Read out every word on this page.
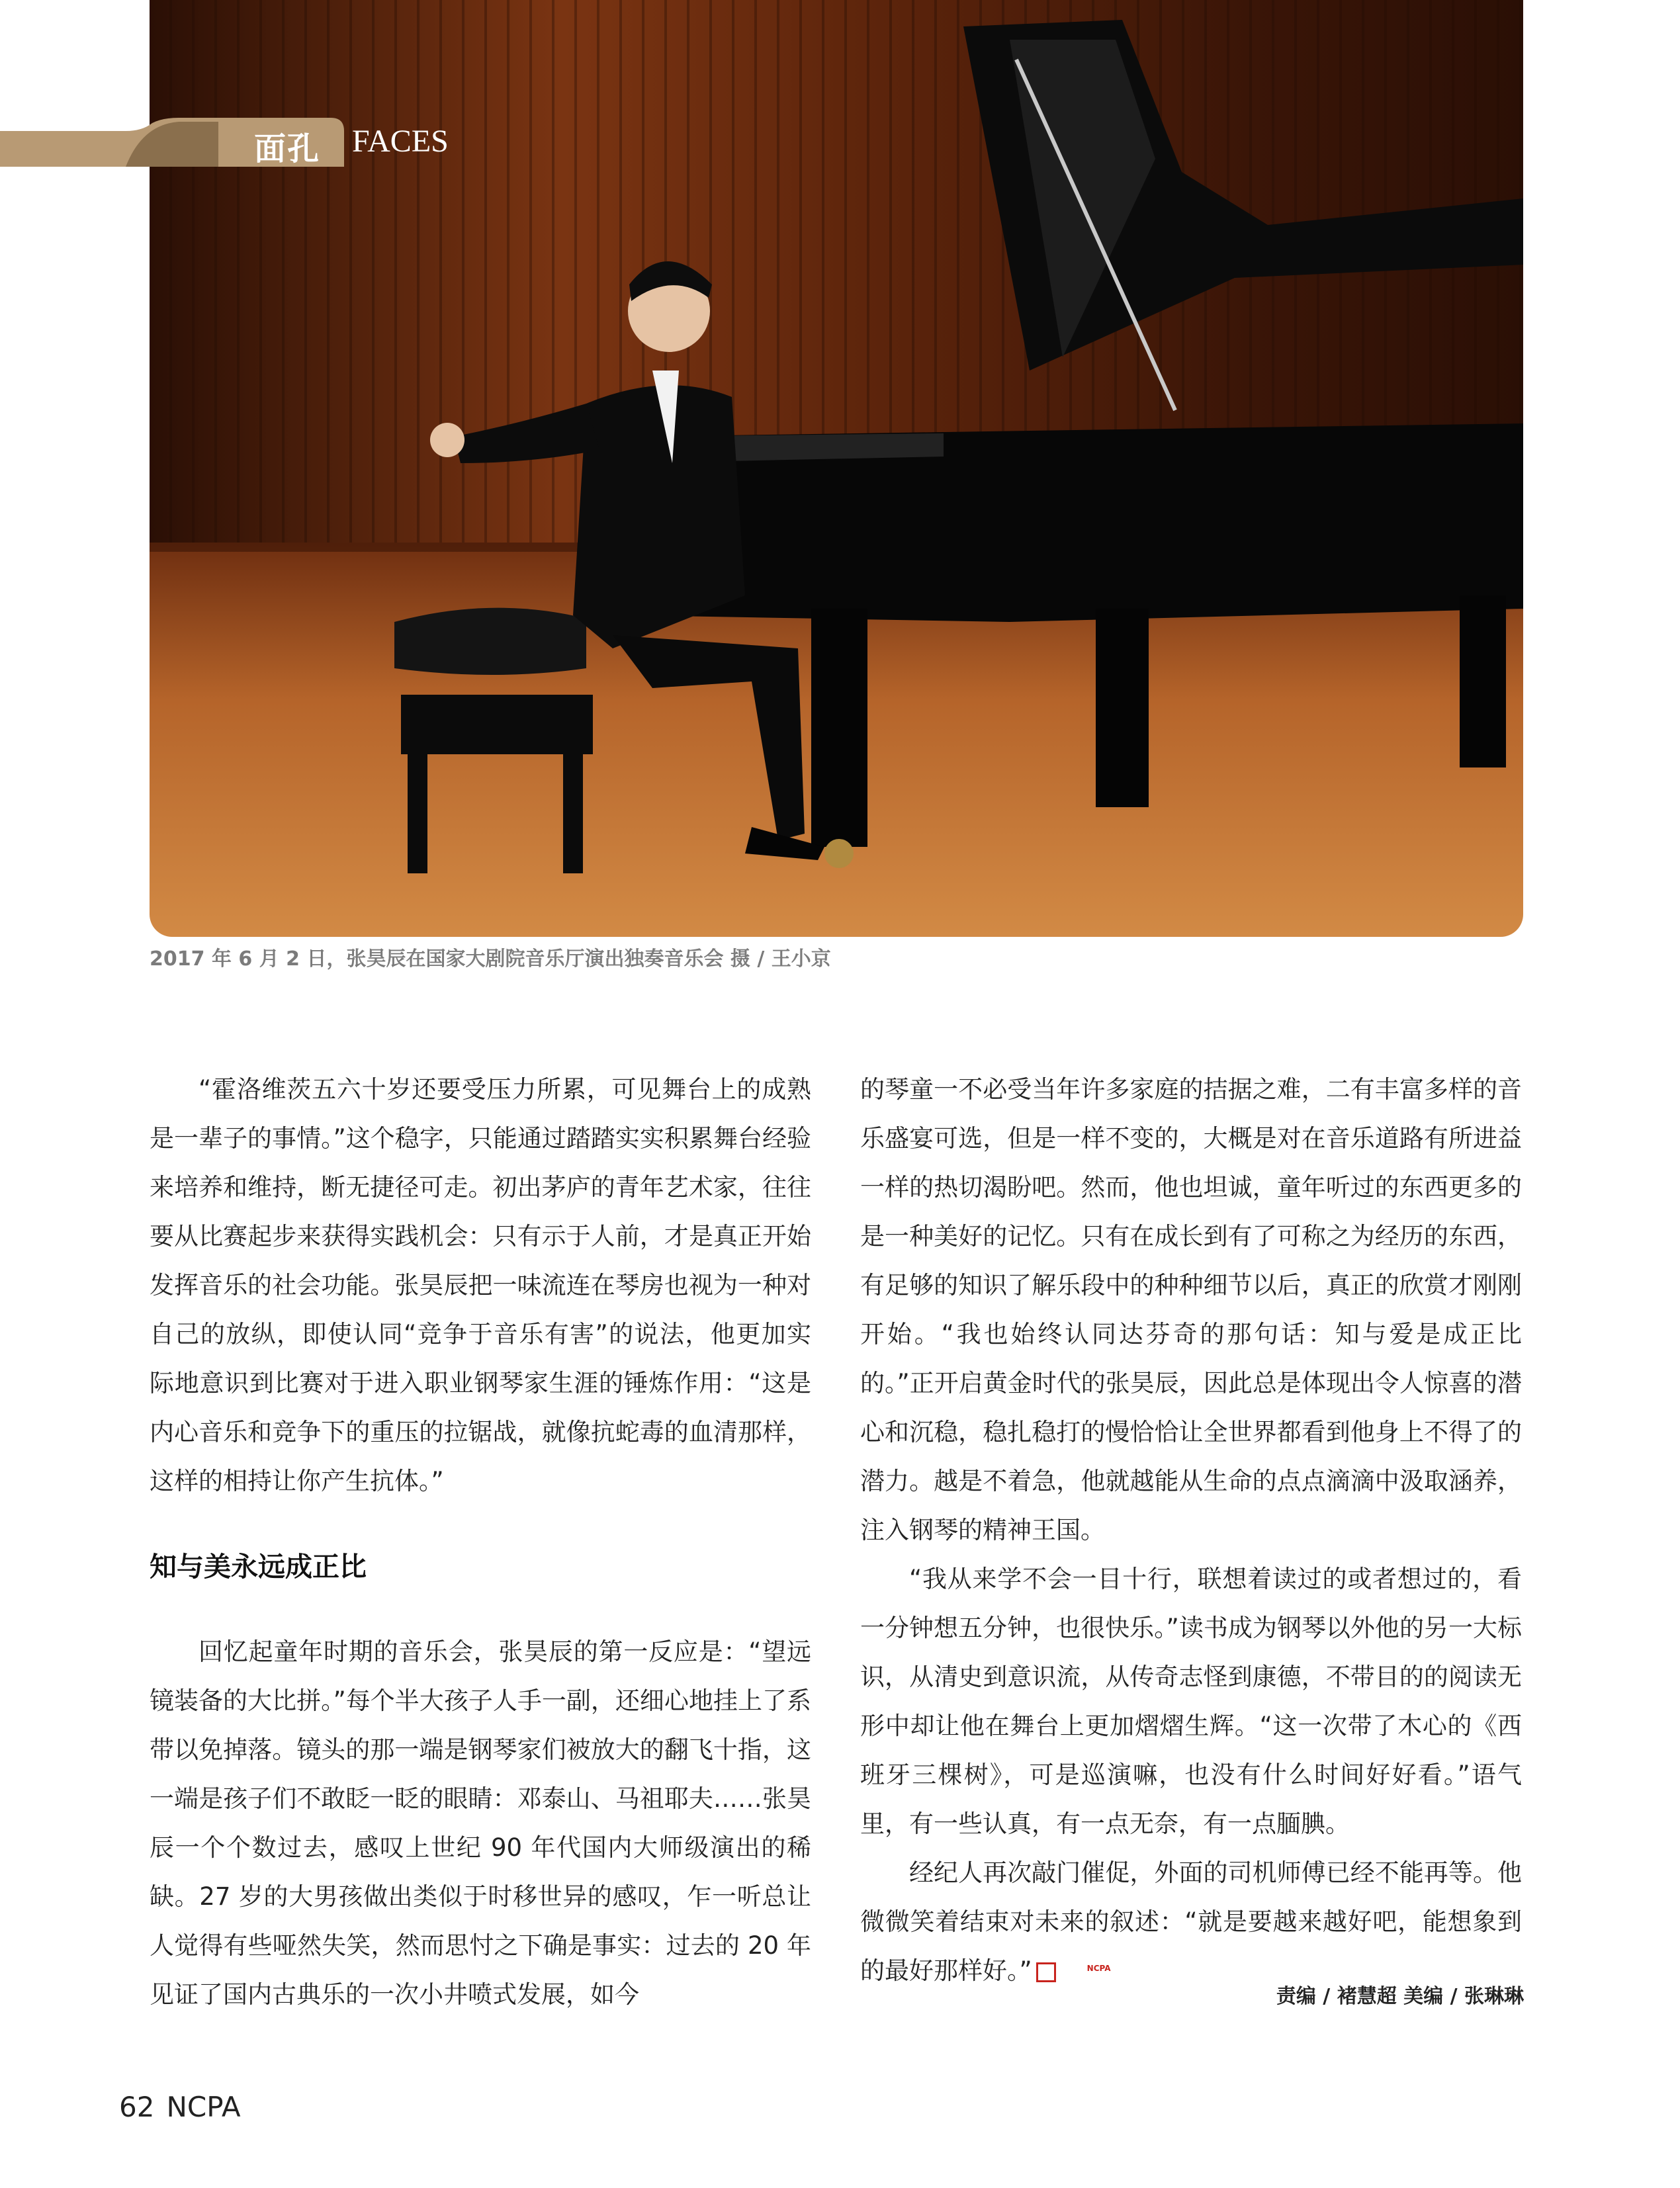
面孔 FACES
2017 年 6 月 2 日，张昊辰在国家大剧院音乐厅演出独奏音乐会 摄 / 王小京

“霍洛维茨五六十岁还要受压力所累，可见舞台上的成熟是一辈子的事情。”这个稳字，只能通过踏踏实实积累舞台经验来培养和维持，断无捷径可走。初出茅庐的青年艺术家，往往要从比赛起步来获得实践机会：只有示于人前，才是真正开始发挥音乐的社会功能。张昊辰把一味流连在琴房也视为一种对自己的放纵，即使认同“竞争于音乐有害”的说法，他更加实际地意识到比赛对于进入职业钢琴家生涯的锤炼作用：“这是内心音乐和竞争下的重压的拉锯战，就像抗蛇毒的血清那样，这样的相持让你产生抗体。”

知与美永远成正比

回忆起童年时期的音乐会，张昊辰的第一反应是：“望远镜装备的大比拼。”每个半大孩子人手一副，还细心地挂上了系带以免掉落。镜头的那一端是钢琴家们被放大的翻飞十指，这一端是孩子们不敢眨一眨的眼睛：邓泰山、马祖耶夫……张昊辰一个个数过去，感叹上世纪 90 年代国内大师级演出的稀缺。27 岁的大男孩做出类似于时移世异的感叹，乍一听总让人觉得有些哑然失笑，然而思忖之下确是事实：过去的 20 年见证了国内古典乐的一次小井喷式发展，如今

的琴童一不必受当年许多家庭的拮据之难，二有丰富多样的音乐盛宴可选，但是一样不变的，大概是对在音乐道路有所进益一样的热切渴盼吧。然而，他也坦诚，童年听过的东西更多的是一种美好的记忆。只有在成长到有了可称之为经历的东西，有足够的知识了解乐段中的种种细节以后，真正的欣赏才刚刚开始。“我也始终认同达芬奇的那句话：知与爱是成正比的。”正开启黄金时代的张昊辰，因此总是体现出令人惊喜的潜心和沉稳，稳扎稳打的慢恰恰让全世界都看到他身上不得了的潜力。越是不着急，他就越能从生命的点点滴滴中汲取涵养，注入钢琴的精神王国。

“我从来学不会一目十行，联想着读过的或者想过的，看一分钟想五分钟，也很快乐。”读书成为钢琴以外他的另一大标识，从清史到意识流，从传奇志怪到康德，不带目的的阅读无形中却让他在舞台上更加熠熠生辉。“这一次带了木心的《西班牙三棵树》，可是巡演嘛，也没有什么时间好好看。”语气里，有一些认真，有一点无奈，有一点腼腆。

经纪人再次敲门催促，外面的司机师傅已经不能再等。他微微笑着结束对未来的叙述：“就是要越来越好吧，能想象到的最好那样好。”	NCPA

责编 / 褚慧超 美编 / 张琳琳
62 NCPA
